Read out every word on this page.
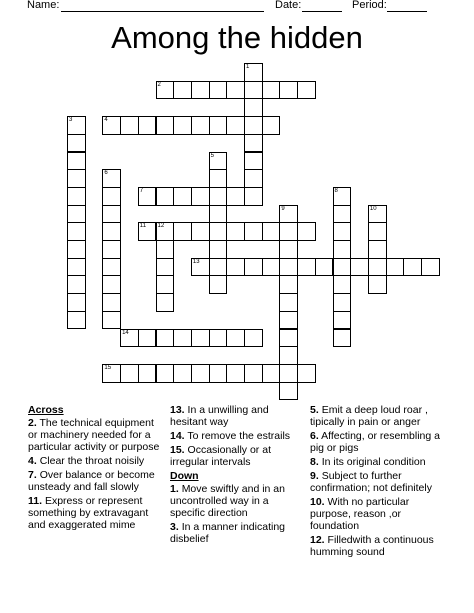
Name:	Date:	Period:
Among the hidden
1
2
3	4
5
6
7	8
9	10
11 12
13
14
15
Across
2. The technical equipment or machinery needed for a particular activity or purpose
4. Clear the throat noisily
7. Over balance or become unsteady and fall slowly
11. Express or represent something by extravagant and exaggerated mime
13. In a unwilling and hesitant way
14. To remove the estrails
15. Occasionally or at irregular intervals
Down
1. Move swiftly and in an uncontrolled way in a specific direction
3. In a manner indicating disbelief
5. Emit a deep loud roar , tipically in pain or anger
6. Affecting, or resembling a pig or pigs
8. In its original condition
9. Subject to further confirmation; not definitely
10. With no particular purpose, reason ,or foundation
12. Filledwith a continuous humming sound
